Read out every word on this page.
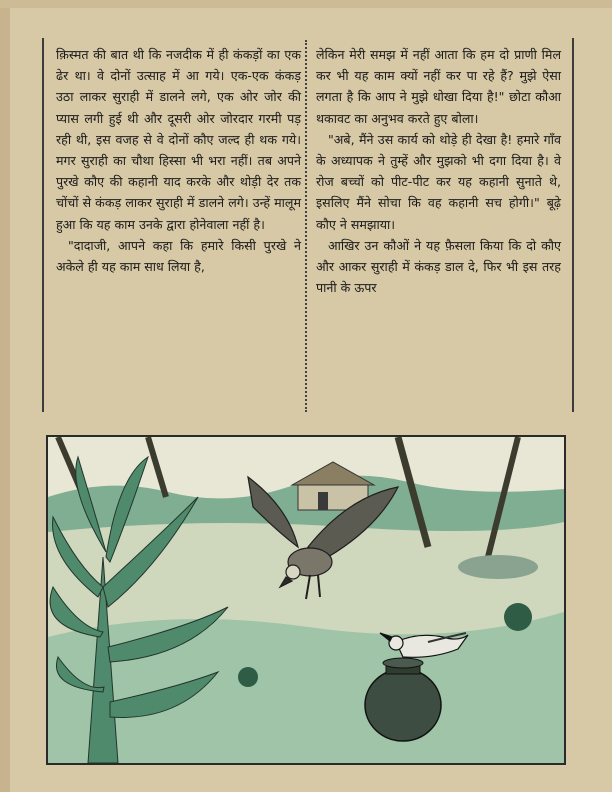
क़िस्मत की बात थी कि नजदीक में ही कंकड़ों का एक ढेर था। वे दोनों उत्साह में आ गये। एक-एक कंकड़ उठा लाकर सुराही में डालने लगे, एक ओर जोर की प्यास लगी हुई थी और दूसरी ओर जोरदार गरमी पड़ रही थी, इस वजह से वे दोनों कौए जल्द ही थक गये। मगर सुराही का चौथा हिस्सा भी भरा नहीं। तब अपने पुरखे कौए की कहानी याद करके और थोड़ी देर तक चोंचों से कंकड़ लाकर सुराही में डालने लगे। उन्हें मालूम हुआ कि यह काम उनके द्वारा होनेवाला नहीं है।

"दादाजी, आपने कहा कि हमारे किसी पुरखे ने अकेले ही यह काम साध लिया है,

लेकिन मेरी समझ में नहीं आता कि हम दो प्राणी मिल कर भी यह काम क्यों नहीं कर पा रहे हैं? मुझे ऐसा लगता है कि आप ने मुझे धोखा दिया है!" छोटा कौआ थकावट का अनुभव करते हुए बोला।

"अबे, मैंने उस कार्य को थोड़े ही देखा है! हमारे गाँव के अध्यापक ने तुम्हें और मुझको भी दगा दिया है। वे रोज बच्चों को पीट-पीट कर यह कहानी सुनाते थे, इसलिए मैंने सोचा कि वह कहानी सच होगी।" बूढ़े कौए ने समझाया।

आखिर उन कौओं ने यह फ़ैसला किया कि दो कौए और आकर सुराही में कंकड़ डाल दे, फिर भी इस तरह पानी के ऊपर
